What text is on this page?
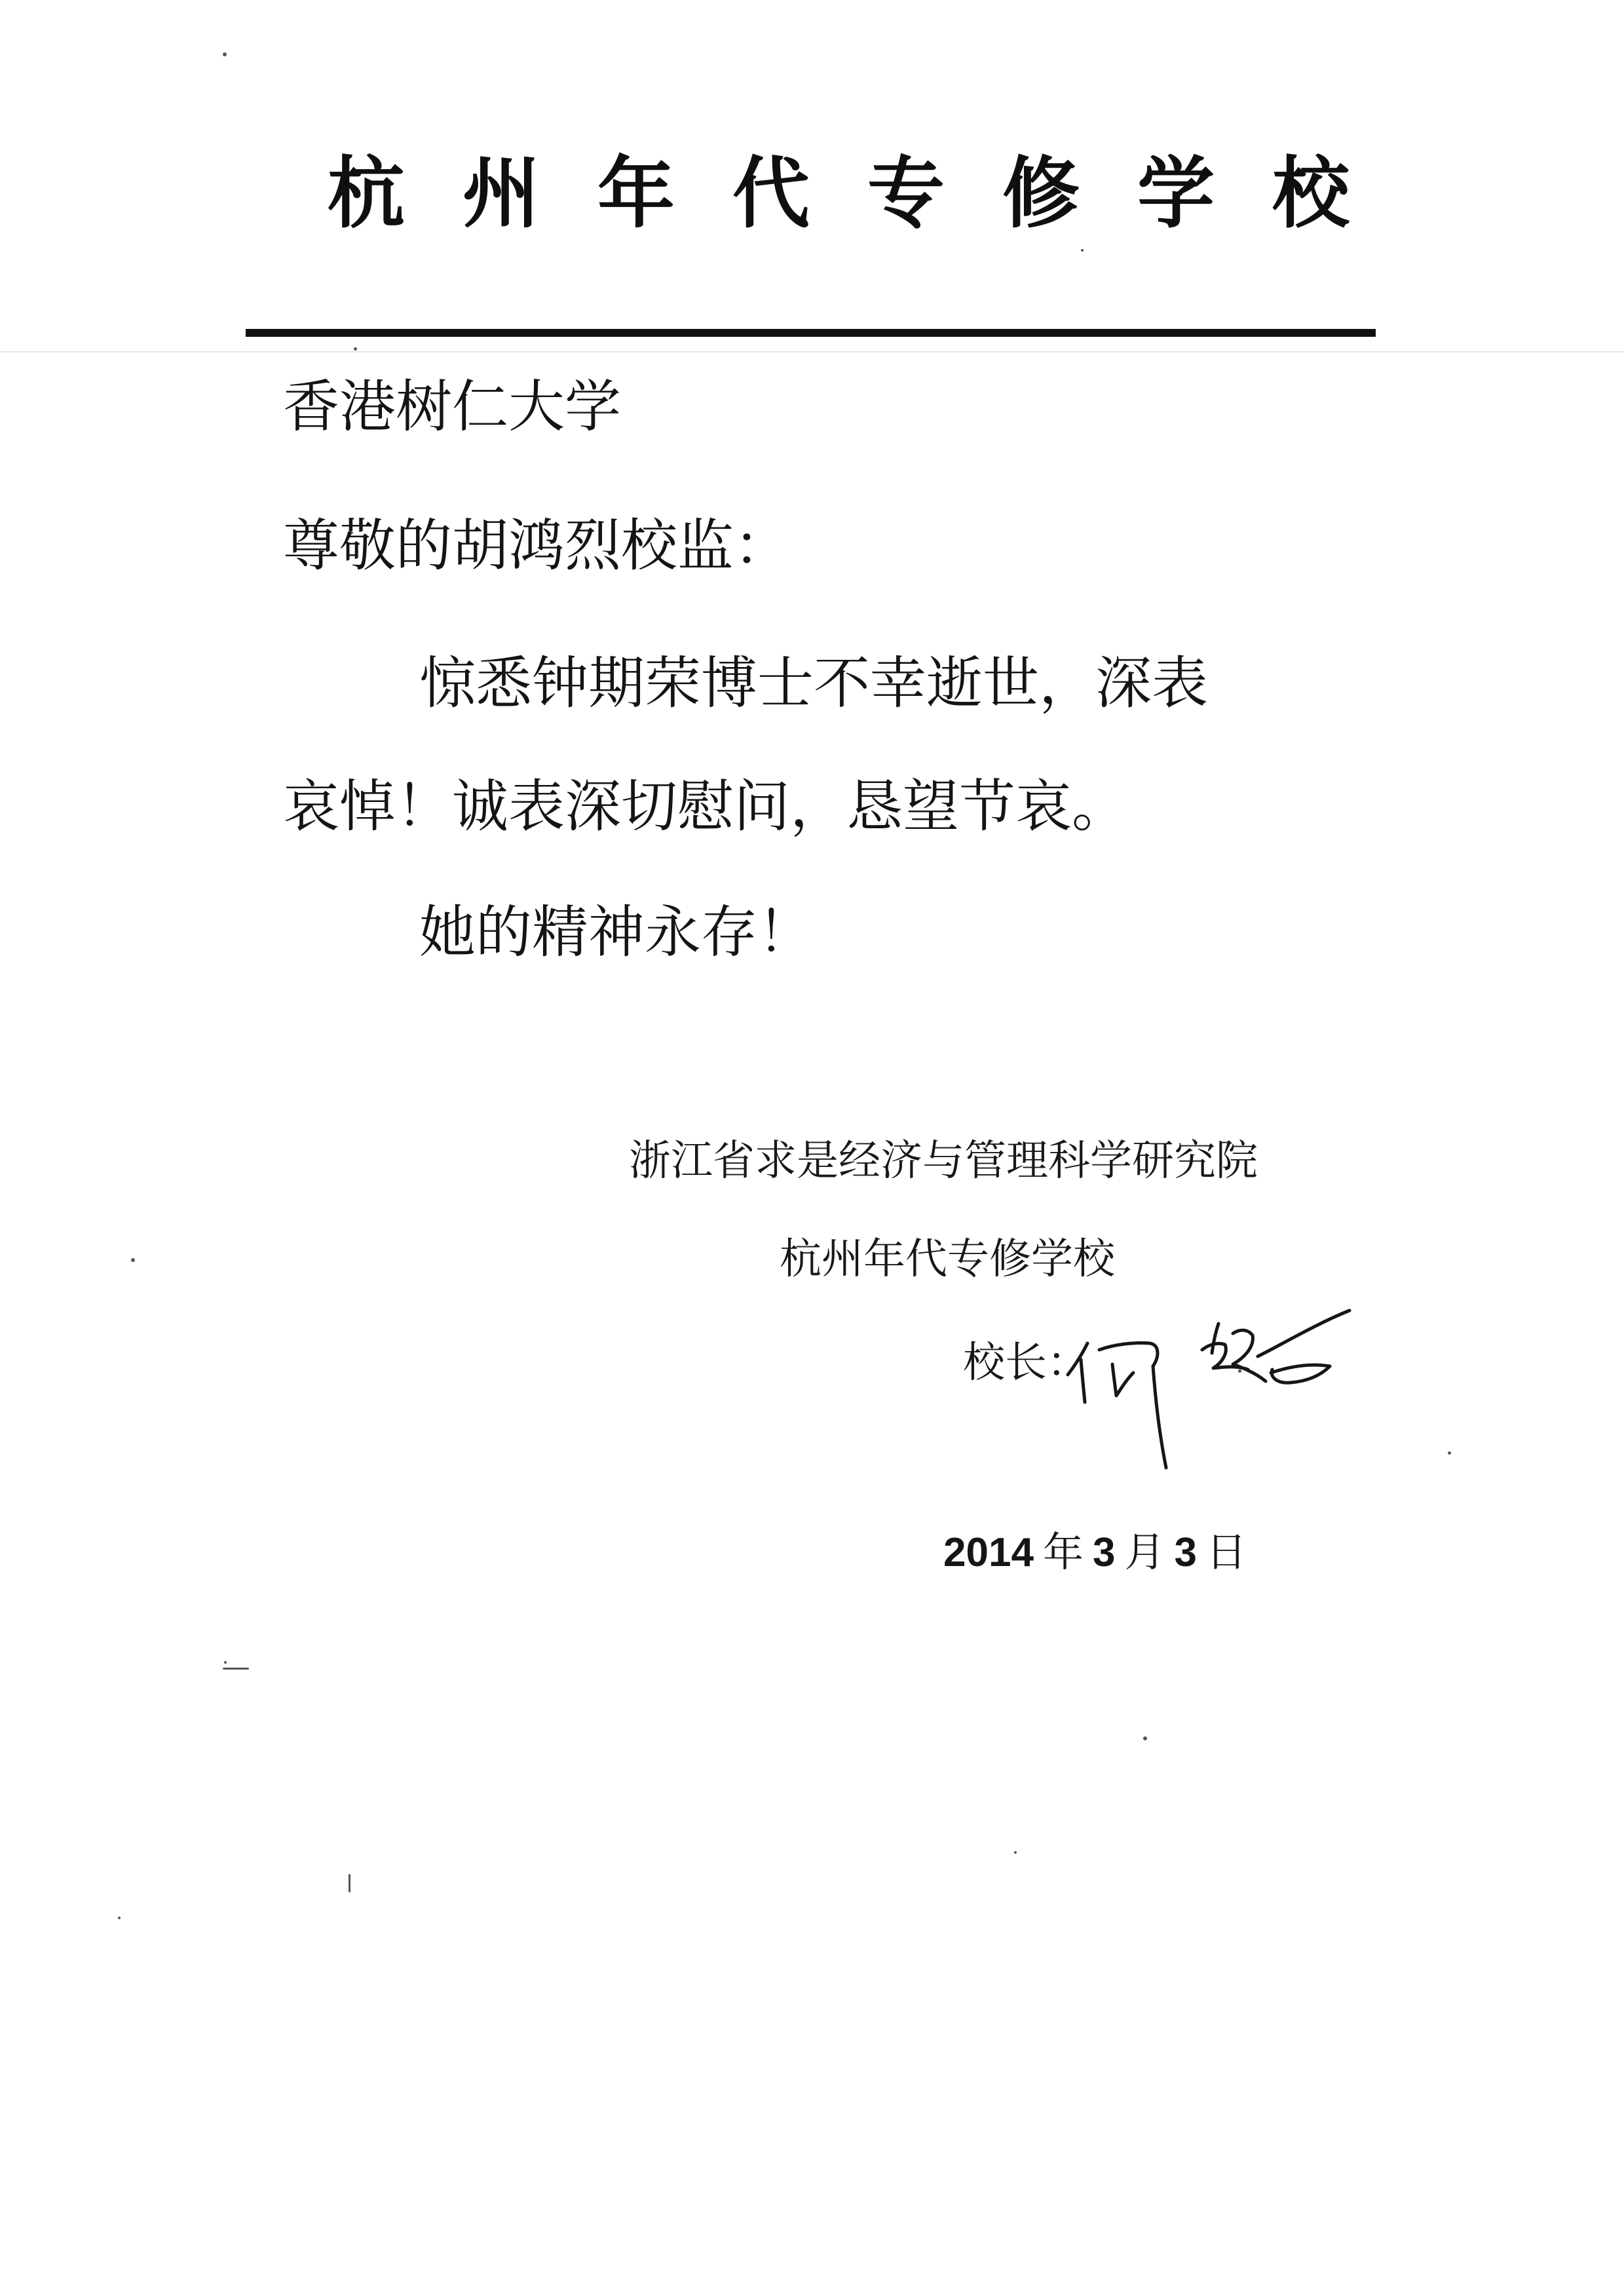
杭州年代专修学校
香港树仁大学
尊敬的胡鸿烈校监：
惊悉钟期荣博士不幸逝世，深表
哀悼！诚表深切慰问，恳望节哀。
她的精神永存！
浙江省求是经济与管理科学研究院
杭州年代专修学校
校长：
2014 年 3 月 3 日
